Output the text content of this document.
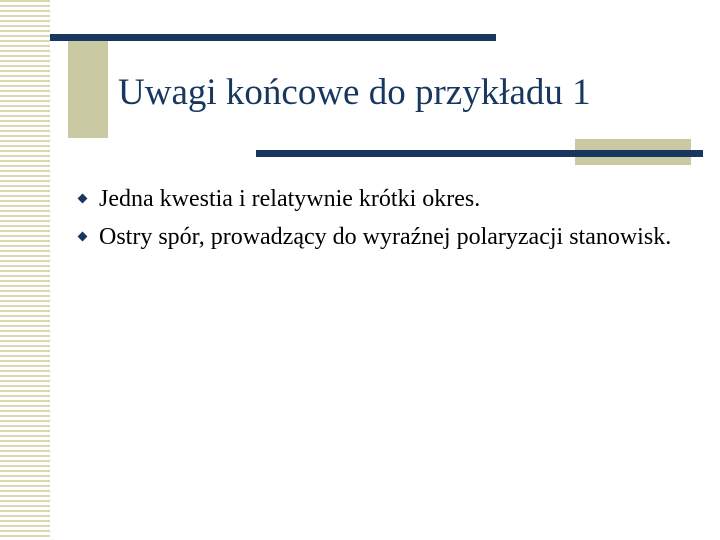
Uwagi końcowe do przykładu 1
Jedna kwestia i relatywnie krótki okres.
Ostry spór, prowadzący do wyraźnej polaryzacji stanowisk.
